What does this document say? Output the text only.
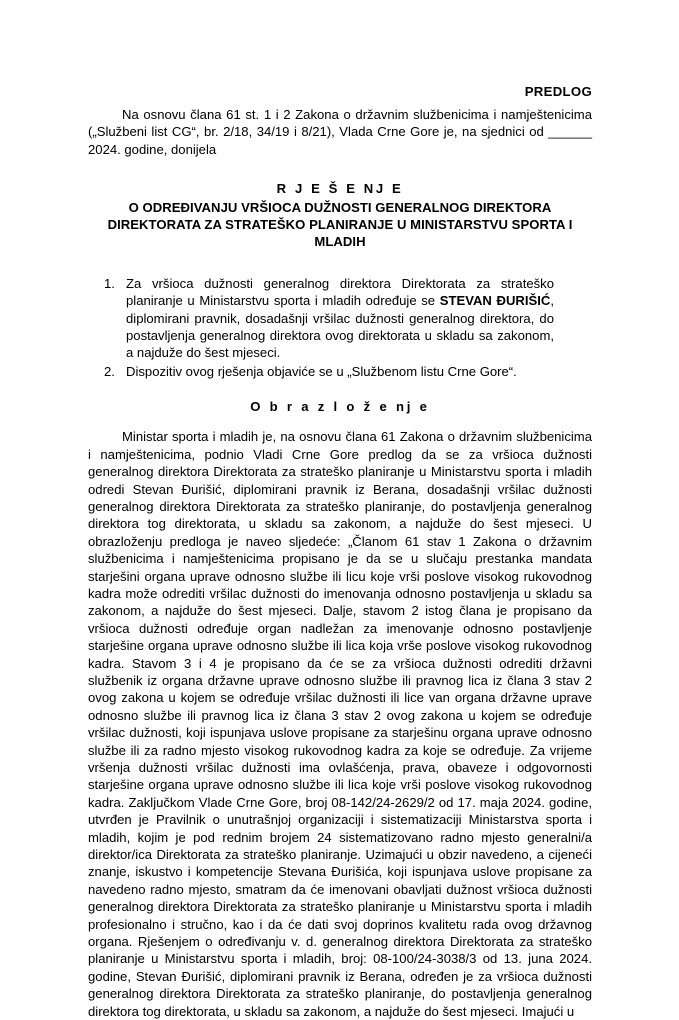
PREDLOG

Na osnovu člana 61 st. 1 i 2 Zakona o državnim službenicima i namještenicima („Službeni list CG“, br. 2/18, 34/19 i 8/21), Vlada Crne Gore je, na sjednici od ______ 2024. godine, donijela

R J E Š E NJ E
O ODREĐIVANJU VRŠIOCA DUŽNOSTI GENERALNOG DIREKTORA DIREKTORATA ZA STRATEŠKO PLANIRANJE U MINISTARSTVU SPORTA I MLADIH
Za vršioca dužnosti generalnog direktora Direktorata za strateško planiranje u Ministarstvu sporta i mladih određuje se STEVAN ĐURIŠIĆ, diplomirani pravnik, dosadašnji vršilac dužnosti generalnog direktora, do postavljenja generalnog direktora ovog direktorata u skladu sa zakonom, a najduže do šest mjeseci.
Dispozitiv ovog rješenja objaviće se u „Službenom listu Crne Gore“.
O b r a z l o ž e nj e

Ministar sporta i mladih je, na osnovu člana 61 Zakona o državnim službenicima i namještenicima, podnio Vladi Crne Gore predlog da se za vršioca dužnosti generalnog direktora Direktorata za strateško planiranje u Ministarstvu sporta i mladih odredi Stevan Đurišić, diplomirani pravnik iz Berana, dosadašnji vršilac dužnosti generalnog direktora Direktorata za strateško planiranje, do postavljenja generalnog direktora tog direktorata, u skladu sa zakonom, a najduže do šest mjeseci. U obrazloženju predloga je naveo sljedeće: „Članom 61 stav 1 Zakona o državnim službenicima i namještenicima propisano je da se u slučaju prestanka mandata starješini organa uprave odnosno službe ili licu koje vrši poslove visokog rukovodnog kadra može odrediti vršilac dužnosti do imenovanja odnosno postavljenja u skladu sa zakonom, a najduže do šest mjeseci. Dalje, stavom 2 istog člana je propisano da vršioca dužnosti određuje organ nadležan za imenovanje odnosno postavljenje starješine organa uprave odnosno službe ili lica koja vrše poslove visokog rukovodnog kadra. Stavom 3 i 4 je propisano da će se za vršioca dužnosti odrediti državni službenik iz organa državne uprave odnosno službe ili pravnog lica iz člana 3 stav 2 ovog zakona u kojem se određuje vršilac dužnosti ili lice van organa državne uprave odnosno službe ili pravnog lica iz člana 3 stav 2 ovog zakona u kojem se određuje vršilac dužnosti, koji ispunjava uslove propisane za starješinu organa uprave odnosno službe ili za radno mjesto visokog rukovodnog kadra za koje se određuje. Za vrijeme vršenja dužnosti vršilac dužnosti ima ovlašćenja, prava, obaveze i odgovornosti starješine organa uprave odnosno službe ili lica koje vrši poslove visokog rukovodnog kadra. Zaključkom Vlade Crne Gore, broj 08-142/24-2629/2 od 17. maja 2024. godine, utvrđen je Pravilnik o unutrašnjoj organizaciji i sistematizaciji Ministarstva sporta i mladih, kojim je pod rednim brojem 24 sistematizovano radno mjesto generalni/a direktor/ica Direktorata za strateško planiranje. Uzimajući u obzir navedeno, a cijeneći znanje, iskustvo i kompetencije Stevana Đurišića, koji ispunjava uslove propisane za navedeno radno mjesto, smatram da će imenovani obavljati dužnost vršioca dužnosti generalnog direktora Direktorata za strateško planiranje u Ministarstvu sporta i mladih profesionalno i stručno, kao i da će dati svoj doprinos kvalitetu rada ovog državnog organa. Rješenjem o određivanju v. d. generalnog direktora Direktorata za strateško planiranje u Ministarstvu sporta i mladih, broj: 08-100/24-3038/3 od 13. juna 2024. godine, Stevan Đurišić, diplomirani pravnik iz Berana, određen je za vršioca dužnosti generalnog direktora Direktorata za strateško planiranje, do postavljenja generalnog direktora tog direktorata, u skladu sa zakonom, a najduže do šest mjeseci. Imajući u
